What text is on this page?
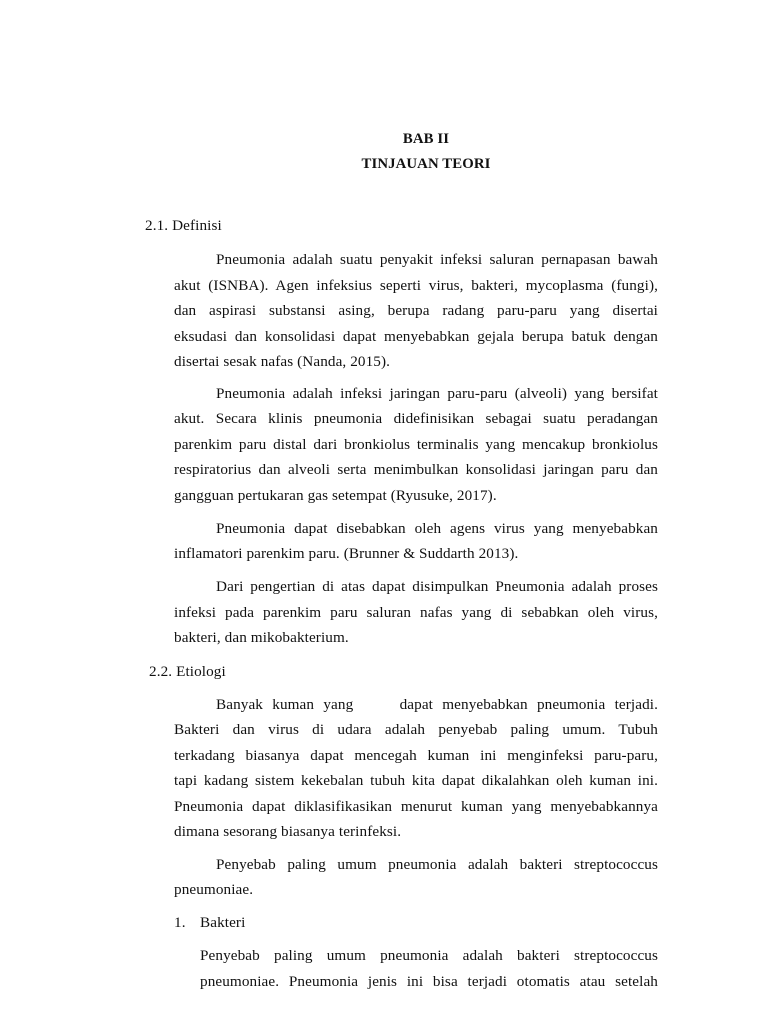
BAB II

TINJAUAN TEORI

2.1. Definisi

Pneumonia adalah suatu penyakit infeksi saluran pernapasan bawah

akut (ISNBA). Agen infeksius seperti virus, bakteri, mycoplasma (fungi),

dan aspirasi substansi asing, berupa radang paru-paru yang disertai

eksudasi dan konsolidasi dapat menyebabkan gejala berupa batuk dengan

disertai sesak nafas (Nanda, 2015).

Pneumonia adalah infeksi jaringan paru-paru (alveoli) yang bersifat

akut. Secara klinis pneumonia didefinisikan sebagai suatu peradangan

parenkim paru distal dari bronkiolus terminalis yang mencakup bronkiolus

respiratorius dan alveoli serta menimbulkan konsolidasi jaringan paru dan

gangguan pertukaran gas setempat (Ryusuke, 2017).

Pneumonia dapat disebabkan oleh agens virus yang menyebabkan

inflamatori parenkim paru. (Brunner & Suddarth 2013).

Dari pengertian di atas dapat disimpulkan Pneumonia adalah proses

infeksi pada parenkim paru saluran nafas yang di sebabkan oleh virus,

bakteri, dan mikobakterium.

2.2. Etiologi

Banyak kuman yang     dapat menyebabkan pneumonia terjadi.

Bakteri dan virus di udara adalah penyebab paling umum. Tubuh

terkadang biasanya dapat mencegah kuman ini menginfeksi paru-paru,

tapi kadang sistem kekebalan tubuh kita dapat dikalahkan oleh kuman ini.

Pneumonia dapat diklasifikasikan menurut kuman yang menyebabkannya

dimana sesorang biasanya terinfeksi.

Penyebab paling umum pneumonia adalah bakteri streptococcus

pneumoniae.

1. Bakteri

Penyebab paling umum pneumonia adalah bakteri streptococcus

pneumoniae. Pneumonia jenis ini bisa terjadi otomatis atau setelah
